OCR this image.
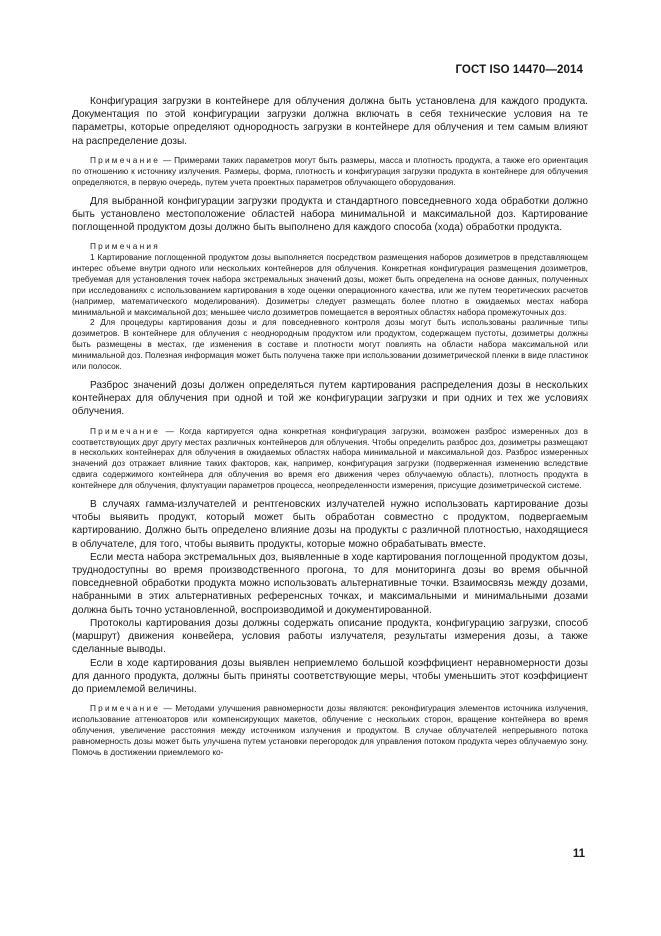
ГОСТ ISO 14470—2014

Конфигурация загрузки в контейнере для облучения должна быть установлена для каждого продукта. Документация по этой конфигурации загрузки должна включать в себя технические условия на те параметры, которые определяют однородность загрузки в контейнере для облучения и тем самым влияют на распределение дозы.

Примечание — Примерами таких параметров могут быть размеры, масса и плотность продукта, а также его ориентация по отношению к источнику излучения. Размеры, форма, плотность и конфигурация загрузки продукта в контейнере для облучения определяются, в первую очередь, путем учета проектных параметров облучающего оборудования.

Для выбранной конфигурации загрузки продукта и стандартного повседневного хода обработки должно быть установлено местоположение областей набора минимальной и максимальной доз. Картирование поглощенной продуктом дозы должно быть выполнено для каждого способа (хода) обработки продукта.

Примечания

1 Картирование поглощенной продуктом дозы выполняется посредством размещения наборов дозиметров в представляющем интерес объеме внутри одного или нескольких контейнеров для облучения. Конкретная конфигурация размещения дозиметров, требуемая для установления точек набора экстремальных значений дозы, может быть определена на основе данных, полученных при исследованиях с использованием картирования в ходе оценки операционного качества, или же путем теоретических расчетов (например, математического моделирования). Дозиметры следует размещать более плотно в ожидаемых местах набора минимальной и максимальной доз; меньшее число дозиметров помещается в вероятных областях набора промежуточных доз.

2 Для процедуры картирования дозы и для повседневного контроля дозы могут быть использованы различные типы дозиметров. В контейнере для облучения с неоднородным продуктом или продуктом, содержащем пустоты, дозиметры должны быть размещены в местах, где изменения в составе и плотности могут повлиять на области набора максимальной или минимальной доз. Полезная информация может быть получена также при использовании дозиметрической пленки в виде пластинок или полосок.

Разброс значений дозы должен определяться путем картирования распределения дозы в нескольких контейнерах для облучения при одной и той же конфигурации загрузки и при одних и тех же условиях облучения.

Примечание — Когда картируется одна конкретная конфигурация загрузки, возможен разброс измеренных доз в соответствующих друг другу местах различных контейнеров для облучения. Чтобы определить разброс доз, дозиметры размещают в нескольких контейнерах для облучения в ожидаемых областях набора минимальной и максимальной доз. Разброс измеренных значений доз отражает влияние таких факторов, как, например, конфигурация загрузки (подверженная изменению вследствие сдвига содержимого контейнера для облучения во время его движения через облучаемую область), плотность продукта в контейнере для облучения, флуктуации параметров процесса, неопределенности измерения, присущие дозиметрической системе.

В случаях гамма-излучателей и рентгеновских излучателей нужно использовать картирование дозы чтобы выявить продукт, который может быть обработан совместно с продуктом, подвергаемым картированию. Должно быть определено влияние дозы на продукты с различной плотностью, находящиеся в облучателе, для того, чтобы выявить продукты, которые можно обрабатывать вместе.

Если места набора экстремальных доз, выявленные в ходе картирования поглощенной продуктом дозы, труднодоступны во время производственного прогона, то для мониторинга дозы во время обычной повседневной обработки продукта можно использовать альтернативные точки. Взаимосвязь между дозами, набранными в этих альтернативных референсных точках, и максимальными и минимальными дозами должна быть точно установленной, воспроизводимой и документированной.

Протоколы картирования дозы должны содержать описание продукта, конфигурацию загрузки, способ (маршрут) движения конвейера, условия работы излучателя, результаты измерения дозы, а также сделанные выводы.

Если в ходе картирования дозы выявлен неприемлемо большой коэффициент неравномерности дозы для данного продукта, должны быть приняты соответствующие меры, чтобы уменьшить этот коэффициент до приемлемой величины.

Примечание — Методами улучшения равномерности дозы являются: реконфигурация элементов источника излучения, использование аттенюаторов или компенсирующих макетов, облучение с нескольких сторон, вращение контейнера во время облучения, увеличение расстояния между источником излучения и продуктом. В случае облучателей непрерывного потока равномерность дозы может быть улучшена путем установки перегородок для управления потоком продукта через облучаемую зону. Помочь в достижении приемлемого ко-

11
